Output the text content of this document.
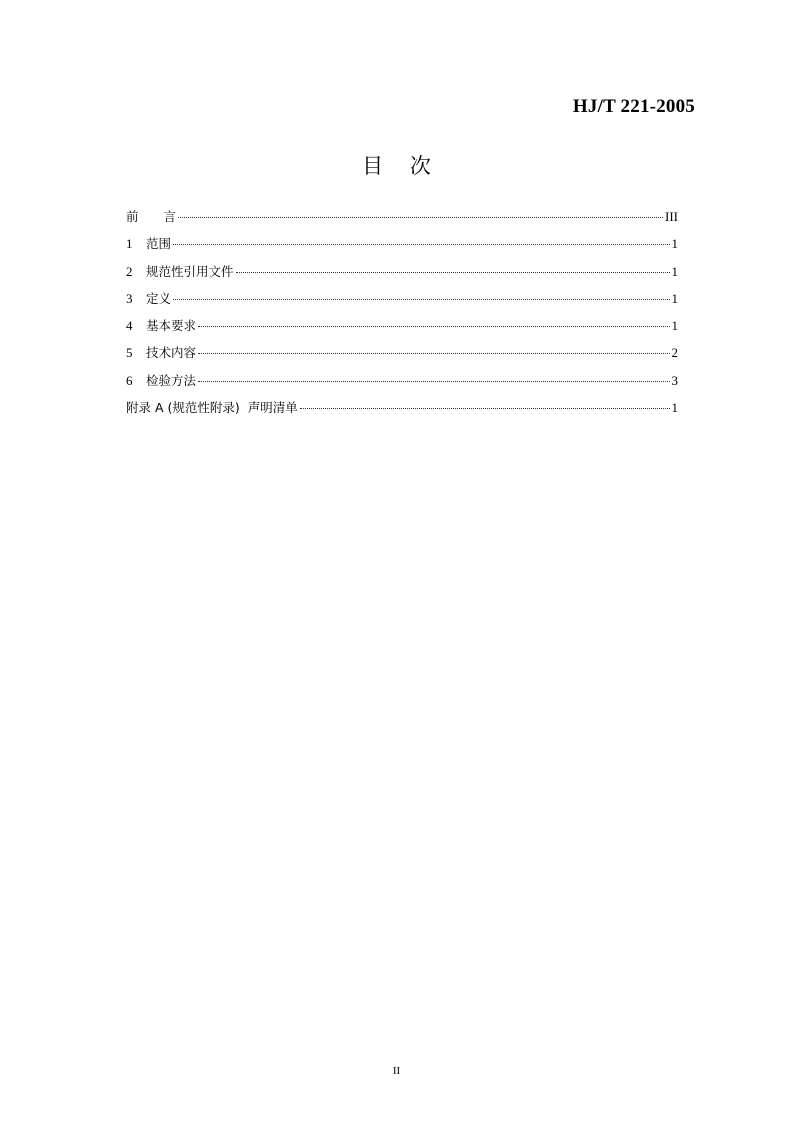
HJ/T 221-2005
目 次
前　　言	III
1	范围	1
2	规范性引用文件	1
3	定义	1
4	基本要求	1
5	技术内容	2
6	检验方法	3
附录 A (规范性附录)  声明清单	1
II
